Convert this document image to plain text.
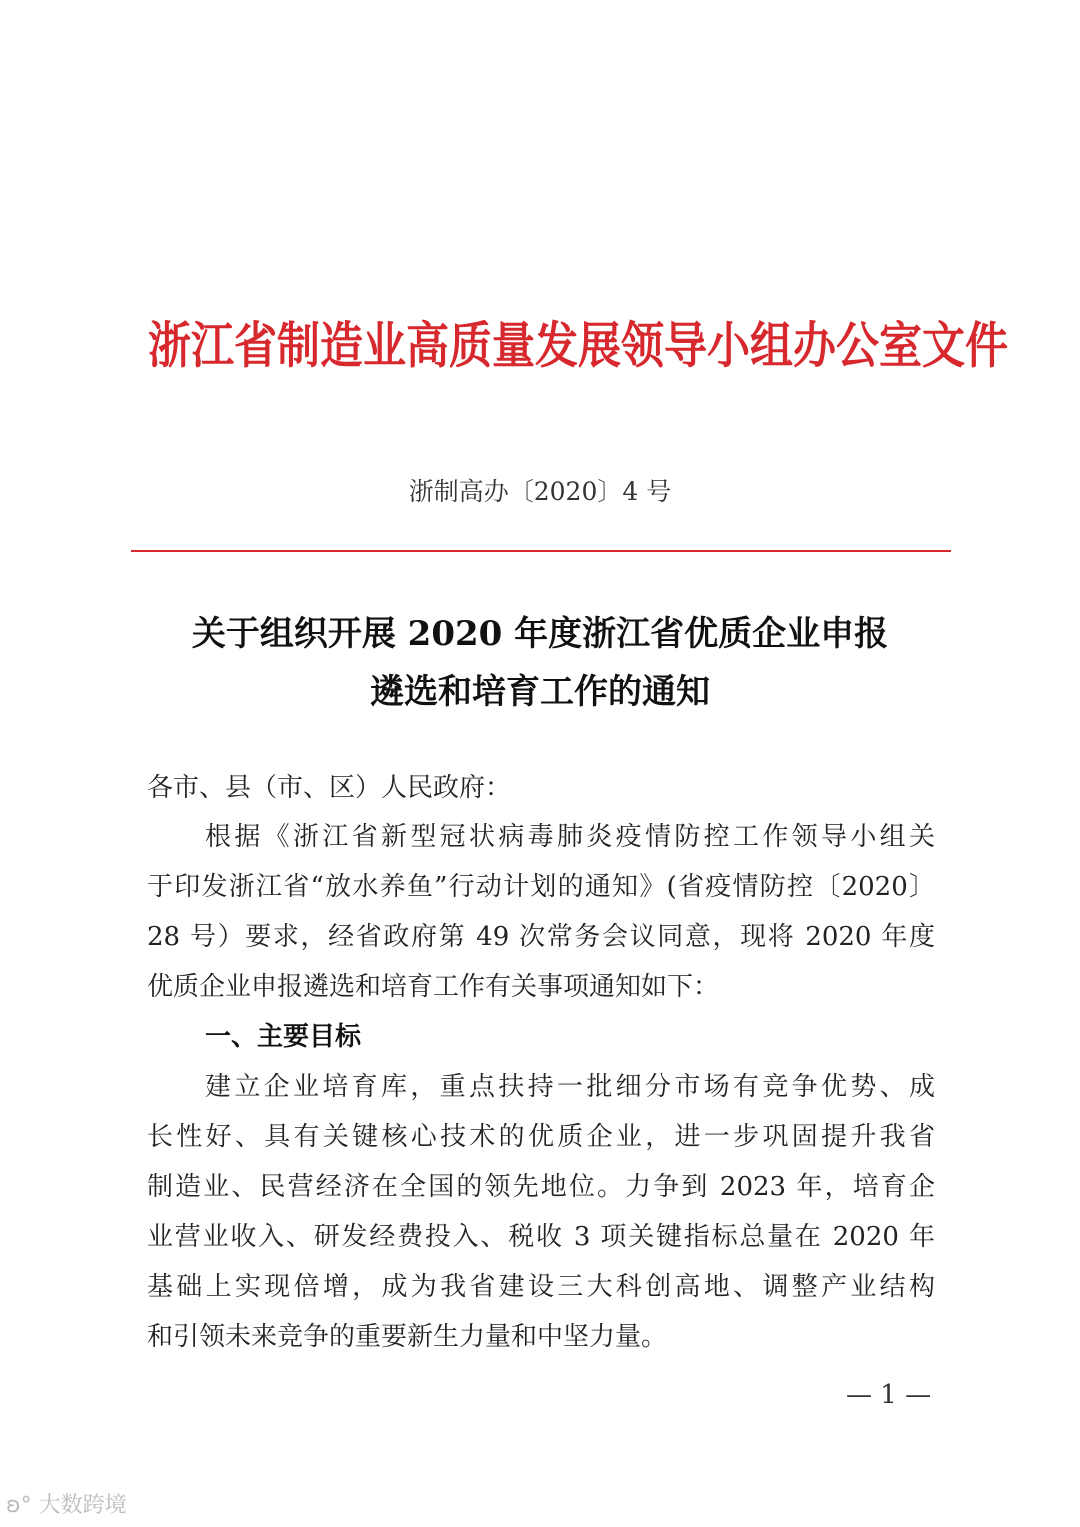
浙江省制造业高质量发展领导小组办公室文件
浙制高办〔2020〕4 号
关于组织开展 2020 年度浙江省优质企业申报
遴选和培育工作的通知
各市、县（市、区）人民政府：
根据《浙江省新型冠状病毒肺炎疫情防控工作领导小组关
于印发浙江省“放水养鱼”行动计划的通知》(省疫情防控〔2020〕
28 号）要求，经省政府第 49 次常务会议同意，现将 2020 年度
优质企业申报遴选和培育工作有关事项通知如下：
一、主要目标
建立企业培育库，重点扶持一批细分市场有竞争优势、成
长性好、具有关键核心技术的优质企业，进一步巩固提升我省
制造业、民营经济在全国的领先地位。力争到 2023 年，培育企
业营业收入、研发经费投入、税收 3 项关键指标总量在 2020 年
基础上实现倍增，成为我省建设三大科创高地、调整产业结构
和引领未来竞争的重要新生力量和中坚力量。
— 1 —
ʚ° 大数跨境
